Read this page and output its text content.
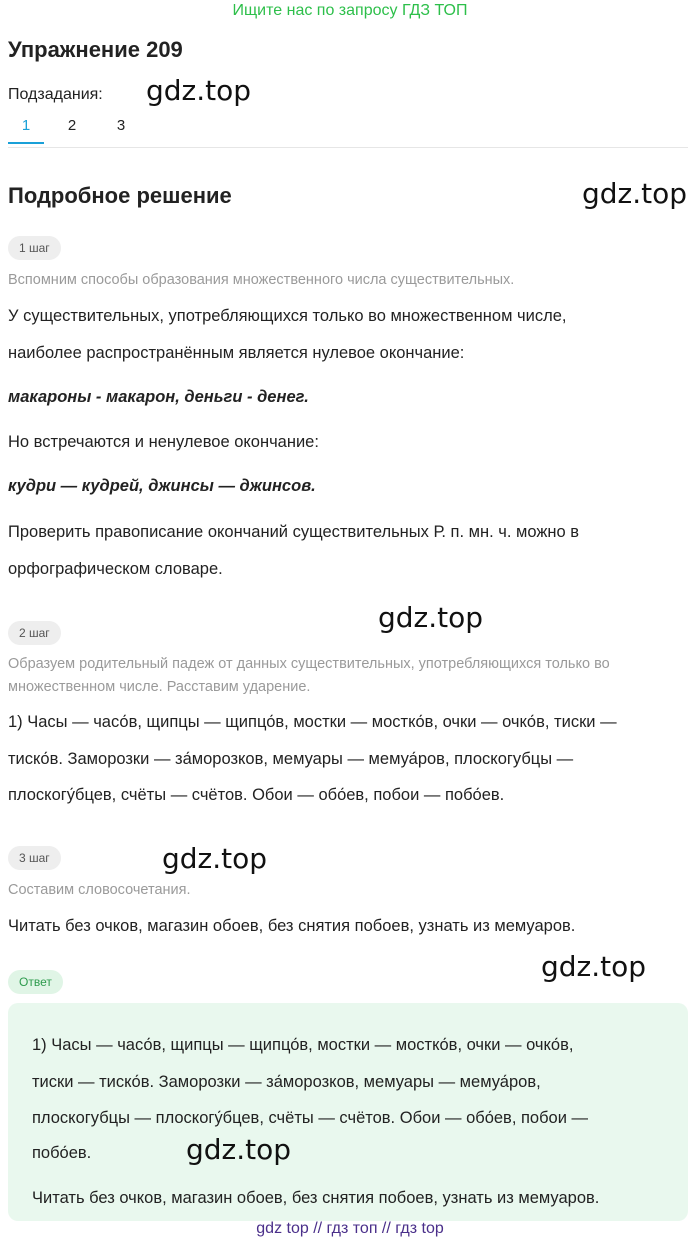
Ищите нас по запросу ГДЗ ТОП
Упражнение 209
Подзадания: gdz.top
1	2	3
Подробное решение	gdz.top
1 шаг
Вспомним способы образования множественного числа существительных.
У существительных, употребляющихся только во множественном числе,
наиболее распространённым является нулевое окончание:
макароны - макарон, деньги - денег.
Но встречаются и ненулевое окончание:
кудри — кудрей, джинсы — джинсов.
Проверить правописание окончаний существительных Р. п. мн. ч. можно в
орфографическом словаре.
2 шаг	gdz.top
Образуем родительный падеж от данных существительных, употребляющихся только во
множественном числе. Расставим ударение.
1) Часы — часо́в, щипцы — щипцо́в, мостки — мостко́в, очки — очко́в, тиски —
тиско́в. Заморозки — за́морозков, мемуары — мемуа́ров, плоскогубцы —
плоскогу́бцев, счёты — счётов. Обои — обо́ев, побои — побо́ев.
3 шаг	gdz.top
Составим словосочетания.
Читать без очков, магазин обоев, без снятия побоев, узнать из мемуаров.
Ответ	gdz.top
1) Часы — часо́в, щипцы — щипцо́в, мостки — мостко́в, очки — очко́в,
тиски — тиско́в. Заморозки — за́морозков, мемуары — мемуа́ров,
плоскогубцы — плоскогу́бцев, счёты — счётов. Обои — обо́ев, побои —
побо́ев.	gdz.top
Читать без очков, магазин обоев, без снятия побоев, узнать из мемуаров.
gdz top // гдз топ // гдз top
